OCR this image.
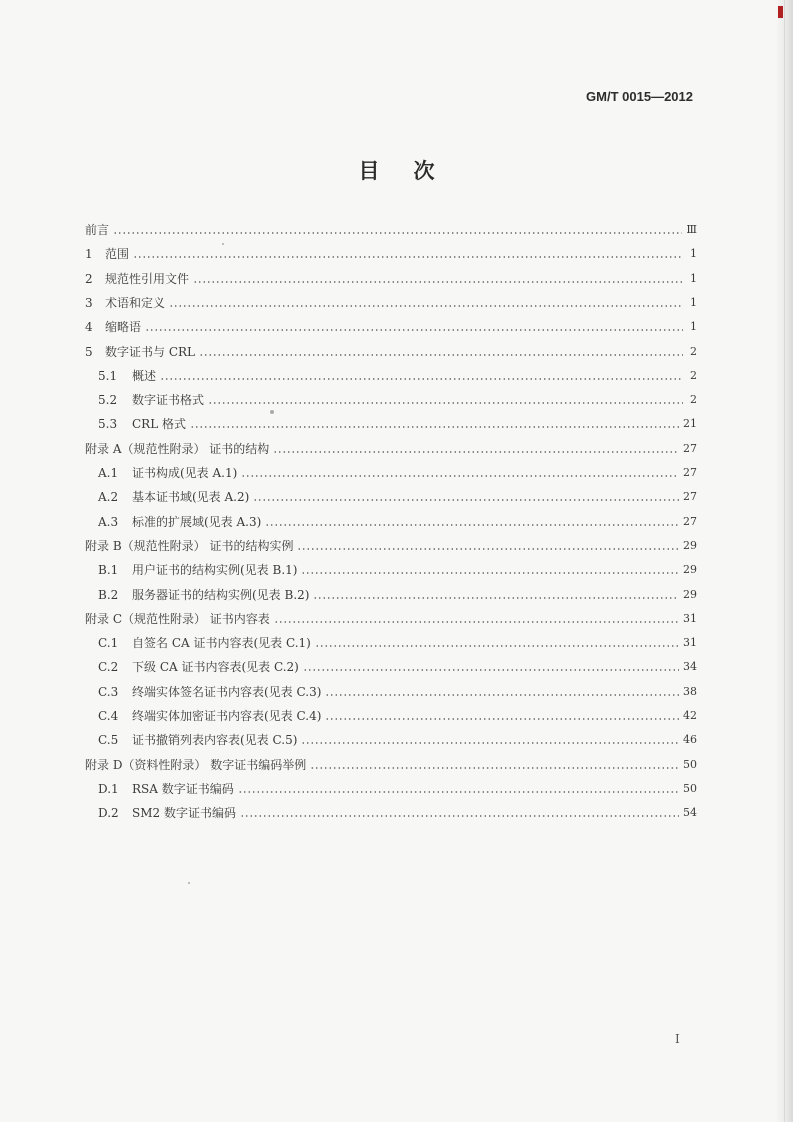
GM/T 0015—2012
目次
前言	Ⅲ
1	范围	1
2	规范性引用文件	1
3	术语和定义	1
4	缩略语	1
5	数字证书与 CRL	2
5.1	概述	2
5.2	数字证书格式	2
5.3	CRL 格式	21
附录 A（规范性附录） 证书的结构	27
A.1	证书构成(见表 A.1)	27
A.2	基本证书域(见表 A.2)	27
A.3	标准的扩展域(见表 A.3)	27
附录 B（规范性附录） 证书的结构实例	29
B.1	用户证书的结构实例(见表 B.1)	29
B.2	服务器证书的结构实例(见表 B.2)	29
附录 C（规范性附录） 证书内容表	31
C.1	自签名 CA 证书内容表(见表 C.1)	31
C.2	下级 CA 证书内容表(见表 C.2)	34
C.3	终端实体签名证书内容表(见表 C.3)	38
C.4	终端实体加密证书内容表(见表 C.4)	42
C.5	证书撤销列表内容表(见表 C.5)	46
附录 D（资料性附录） 数字证书编码举例	50
D.1	RSA 数字证书编码	50
D.2	SM2 数字证书编码	54
I
